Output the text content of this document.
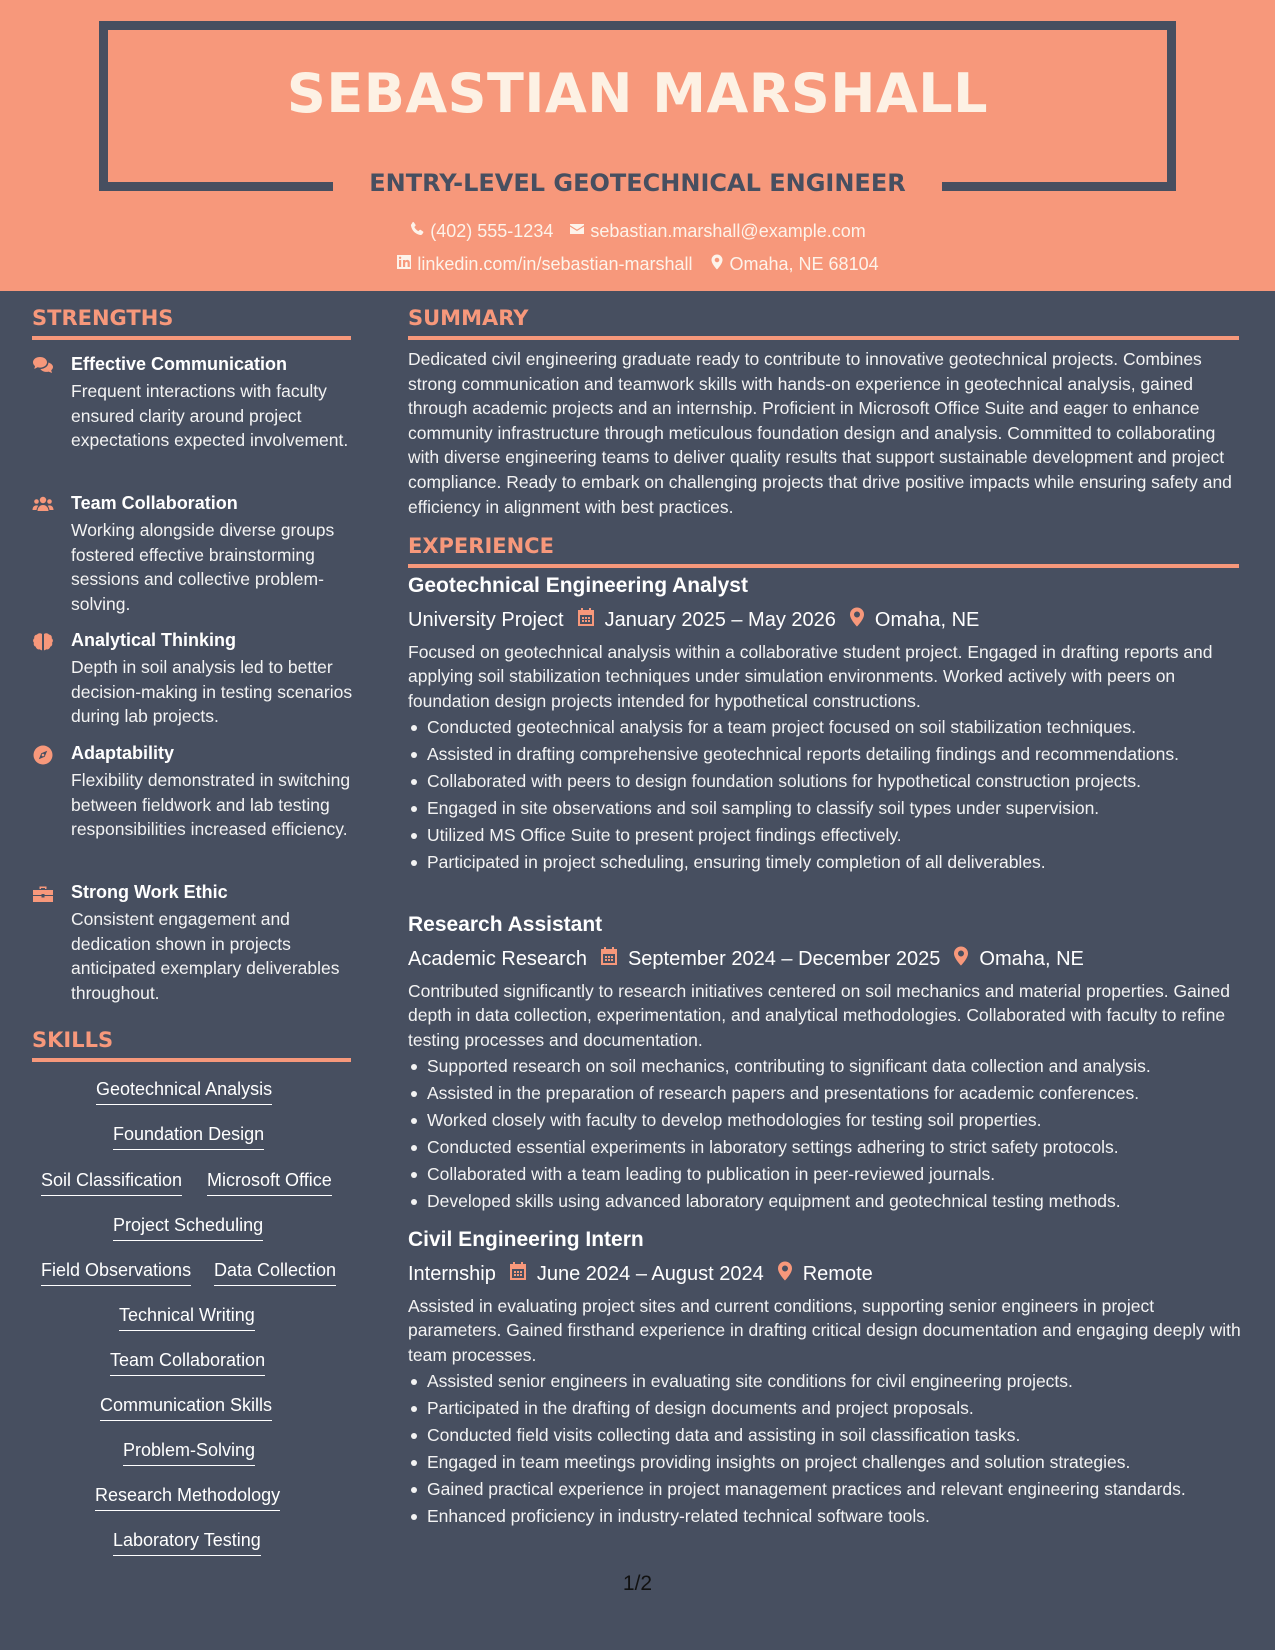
SEBASTIAN MARSHALL
ENTRY-LEVEL GEOTECHNICAL ENGINEER
(402) 555-1234 sebastian.marshall@example.com
linkedin.com/in/sebastian-marshall Omaha, NE 68104
STRENGTHS
Effective Communication
Frequent interactions with faculty ensured clarity around project expectations expected involvement.
Team Collaboration
Working alongside diverse groups fostered effective brainstorming sessions and collective problem-solving.
Analytical Thinking
Depth in soil analysis led to better decision-making in testing scenarios during lab projects.
Adaptability
Flexibility demonstrated in switching between fieldwork and lab testing responsibilities increased efficiency.
Strong Work Ethic
Consistent engagement and dedication shown in projects anticipated exemplary deliverables throughout.
SKILLS
Geotechnical Analysis
Foundation Design
Soil Classification Microsoft Office
Project Scheduling
Field Observations Data Collection
Technical Writing
Team Collaboration
Communication Skills
Problem-Solving
Research Methodology
Laboratory Testing
SUMMARY
Dedicated civil engineering graduate ready to contribute to innovative geotechnical projects. Combines strong communication and teamwork skills with hands-on experience in geotechnical analysis, gained through academic projects and an internship. Proficient in Microsoft Office Suite and eager to enhance community infrastructure through meticulous foundation design and analysis. Committed to collaborating with diverse engineering teams to deliver quality results that support sustainable development and project compliance. Ready to embark on challenging projects that drive positive impacts while ensuring safety and efficiency in alignment with best practices.
EXPERIENCE
Geotechnical Engineering Analyst
University Project January 2025 – May 2026 Omaha, NE
Focused on geotechnical analysis within a collaborative student project. Engaged in drafting reports and applying soil stabilization techniques under simulation environments. Worked actively with peers on foundation design projects intended for hypothetical constructions.
Conducted geotechnical analysis for a team project focused on soil stabilization techniques.
Assisted in drafting comprehensive geotechnical reports detailing findings and recommendations.
Collaborated with peers to design foundation solutions for hypothetical construction projects.
Engaged in site observations and soil sampling to classify soil types under supervision.
Utilized MS Office Suite to present project findings effectively.
Participated in project scheduling, ensuring timely completion of all deliverables.
Research Assistant
Academic Research September 2024 – December 2025 Omaha, NE
Contributed significantly to research initiatives centered on soil mechanics and material properties. Gained depth in data collection, experimentation, and analytical methodologies. Collaborated with faculty to refine testing processes and documentation.
Supported research on soil mechanics, contributing to significant data collection and analysis.
Assisted in the preparation of research papers and presentations for academic conferences.
Worked closely with faculty to develop methodologies for testing soil properties.
Conducted essential experiments in laboratory settings adhering to strict safety protocols.
Collaborated with a team leading to publication in peer-reviewed journals.
Developed skills using advanced laboratory equipment and geotechnical testing methods.
Civil Engineering Intern
Internship June 2024 – August 2024 Remote
Assisted in evaluating project sites and current conditions, supporting senior engineers in project parameters. Gained firsthand experience in drafting critical design documentation and engaging deeply with team processes.
Assisted senior engineers in evaluating site conditions for civil engineering projects.
Participated in the drafting of design documents and project proposals.
Conducted field visits collecting data and assisting in soil classification tasks.
Engaged in team meetings providing insights on project challenges and solution strategies.
Gained practical experience in project management practices and relevant engineering standards.
Enhanced proficiency in industry-related technical software tools.
1/2
